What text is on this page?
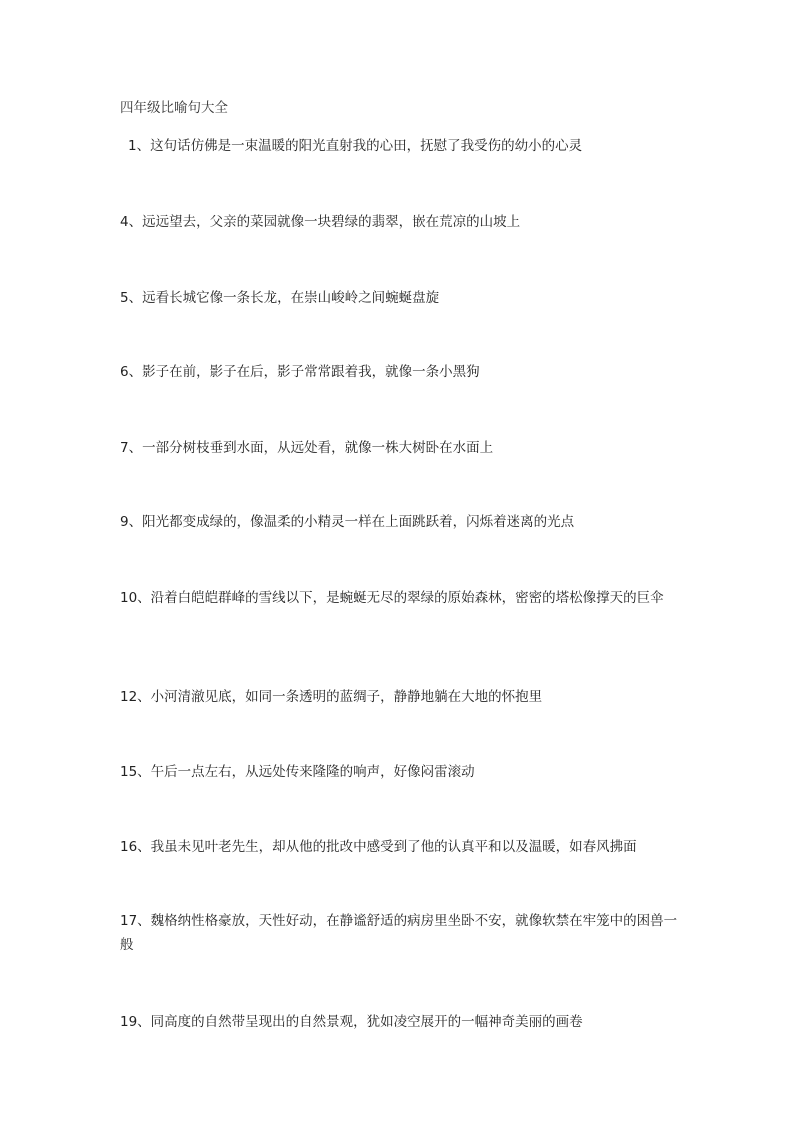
四年级比喻句大全

1、这句话仿佛是一束温暖的阳光直射我的心田，抚慰了我受伤的幼小的心灵

4、远远望去，父亲的菜园就像一块碧绿的翡翠，嵌在荒凉的山坡上

5、远看长城它像一条长龙，在崇山峻岭之间蜿蜒盘旋

6、影子在前，影子在后，影子常常跟着我，就像一条小黑狗

7、一部分树枝垂到水面，从远处看，就像一株大树卧在水面上

9、阳光都变成绿的，像温柔的小精灵一样在上面跳跃着，闪烁着迷离的光点

10、沿着白皑皑群峰的雪线以下，是蜿蜒无尽的翠绿的原始森林，密密的塔松像撑天的巨伞

12、小河清澈见底，如同一条透明的蓝绸子，静静地躺在大地的怀抱里

15、午后一点左右，从远处传来隆隆的响声，好像闷雷滚动

16、我虽未见叶老先生，却从他的批改中感受到了他的认真平和以及温暖，如春风拂面

17、魏格纳性格豪放，天性好动，在静谧舒适的病房里坐卧不安，就像软禁在牢笼中的困兽一般

19、同高度的自然带呈现出的自然景观，犹如凌空展开的一幅神奇美丽的画卷
